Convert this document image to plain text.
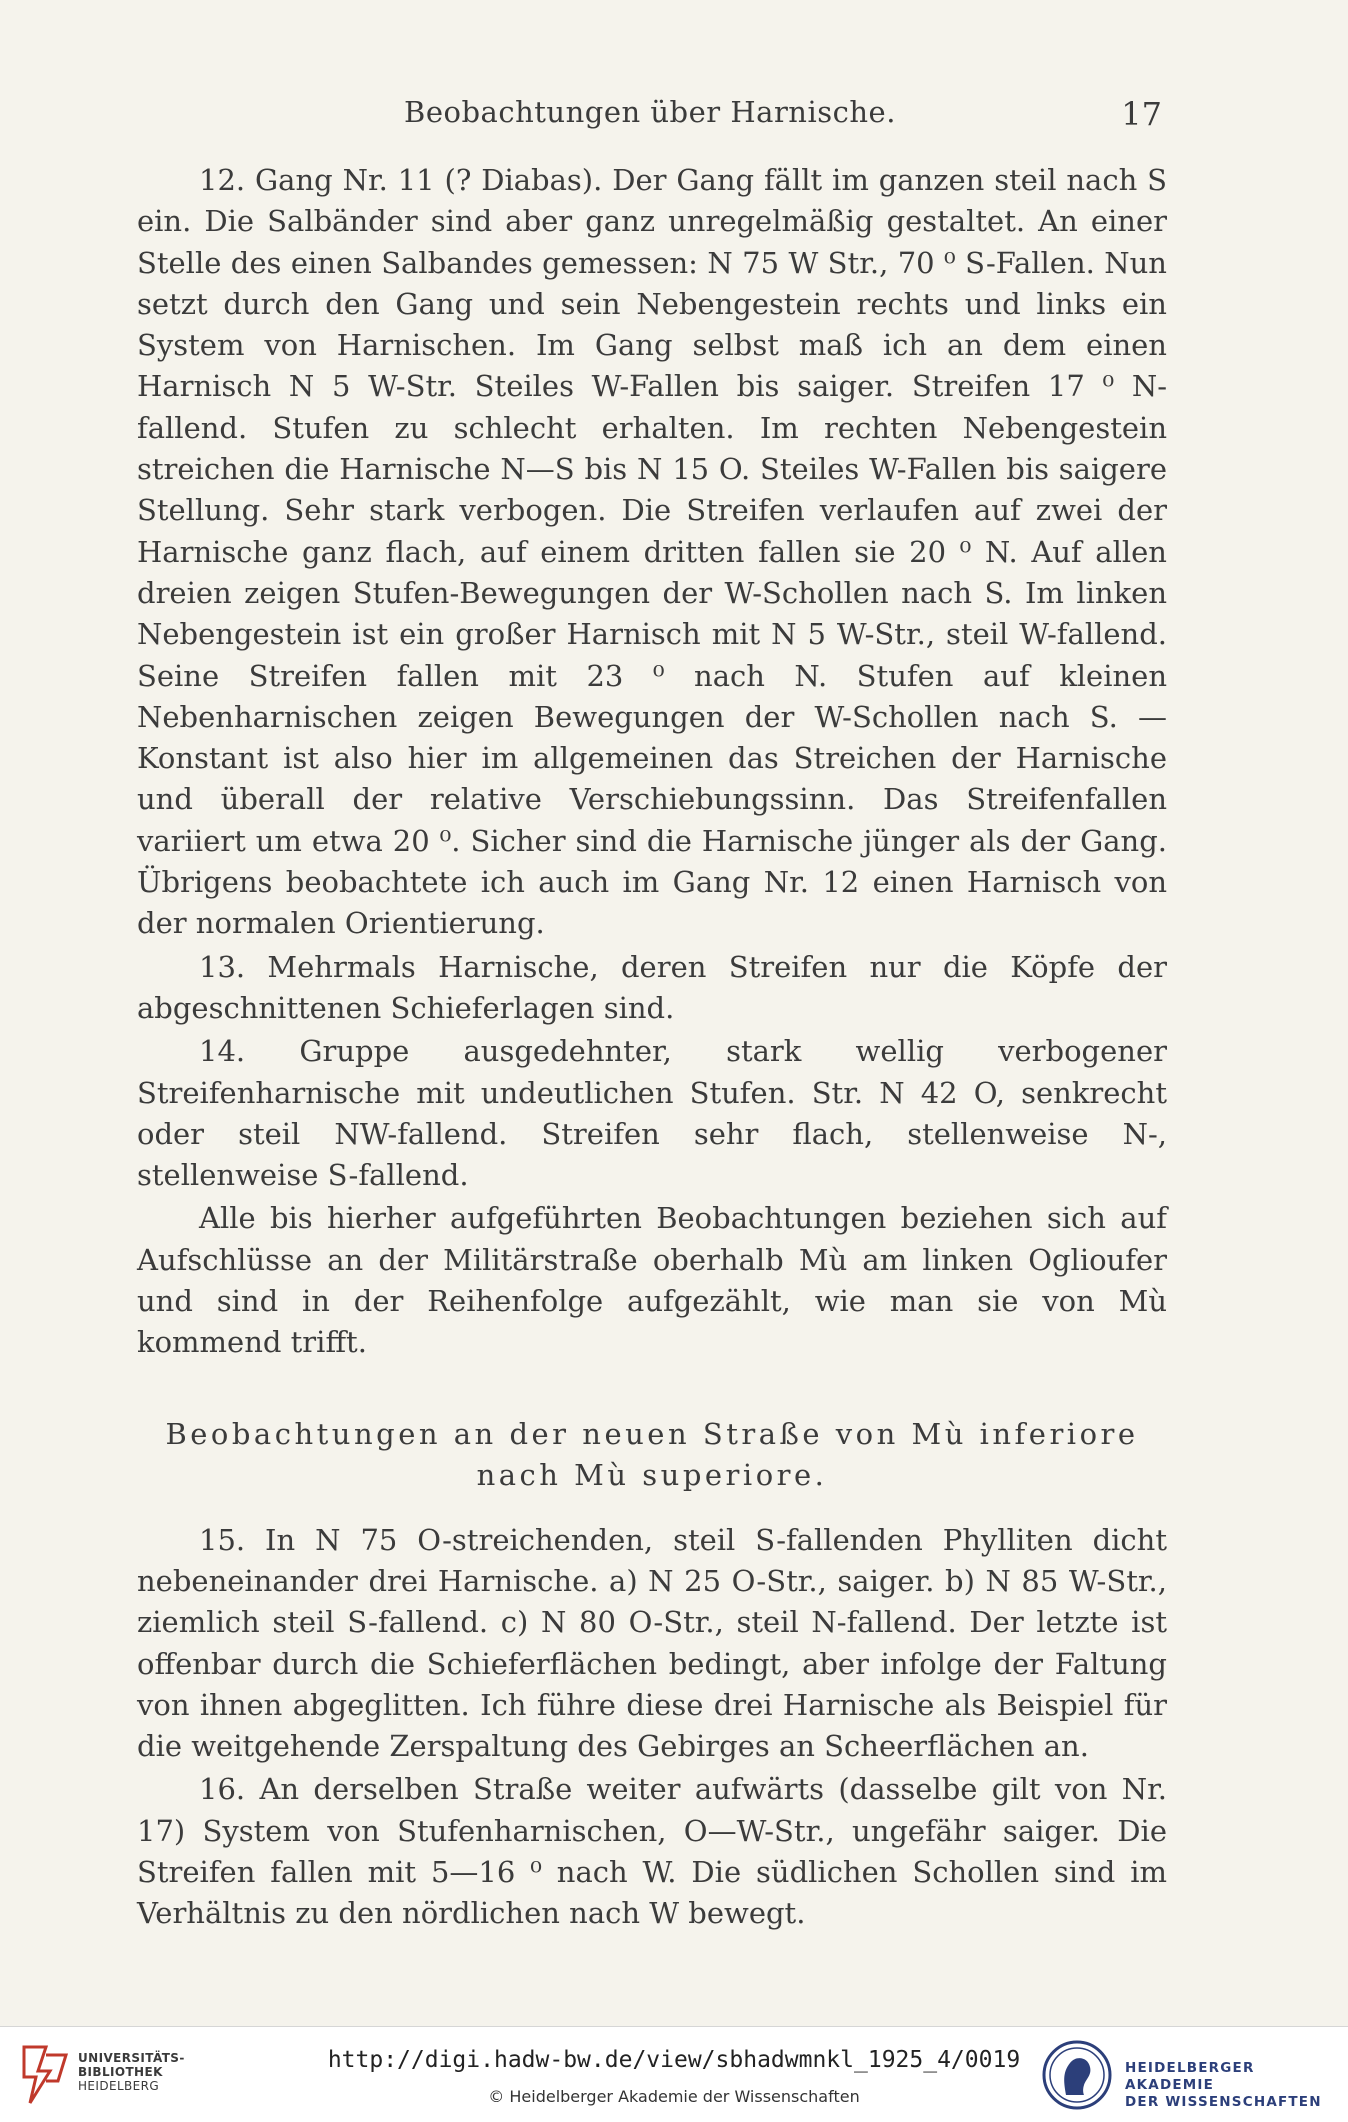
Beobachtungen über Harnische.	17

12. Gang Nr. 11 (? Diabas). Der Gang fällt im ganzen steil nach S ein. Die Salbänder sind aber ganz unregelmäßig gestaltet. An einer Stelle des einen Salbandes gemessen: N 75 W Str., 70 ⁰ S-Fallen. Nun setzt durch den Gang und sein Nebengestein rechts und links ein System von Harnischen. Im Gang selbst maß ich an dem einen Harnisch N 5 W-Str. Steiles W-Fallen bis saiger. Streifen 17 ⁰ N-fallend. Stufen zu schlecht erhalten. Im rechten Nebengestein streichen die Harnische N—S bis N 15 O. Steiles W-Fallen bis saigere Stellung. Sehr stark verbogen. Die Streifen verlaufen auf zwei der Harnische ganz flach, auf einem dritten fallen sie 20 ⁰ N. Auf allen dreien zeigen Stufen-Bewegungen der W-Schollen nach S. Im linken Nebengestein ist ein großer Harnisch mit N 5 W-Str., steil W-fallend. Seine Streifen fallen mit 23 ⁰ nach N. Stufen auf kleinen Nebenharnischen zeigen Bewegungen der W-Schollen nach S. — Konstant ist also hier im allgemeinen das Streichen der Harnische und überall der relative Verschiebungssinn. Das Streifenfallen variiert um etwa 20 ⁰. Sicher sind die Harnische jünger als der Gang. Übrigens beobachtete ich auch im Gang Nr. 12 einen Harnisch von der normalen Orientierung.

13. Mehrmals Harnische, deren Streifen nur die Köpfe der abgeschnittenen Schieferlagen sind.

14. Gruppe ausgedehnter, stark wellig verbogener Streifenharnische mit undeutlichen Stufen. Str. N 42 O, senkrecht oder steil NW-fallend. Streifen sehr flach, stellenweise N-, stellenweise S-fallend.

Alle bis hierher aufgeführten Beobachtungen beziehen sich auf Aufschlüsse an der Militärstraße oberhalb Mù am linken Oglioufer und sind in der Reihenfolge aufgezählt, wie man sie von Mù kommend trifft.

Beobachtungen an der neuen Straße von Mù inferiore
nach Mù superiore.

15. In N 75 O-streichenden, steil S-fallenden Phylliten dicht nebeneinander drei Harnische. a) N 25 O-Str., saiger. b) N 85 W-Str., ziemlich steil S-fallend. c) N 80 O-Str., steil N-fallend. Der letzte ist offenbar durch die Schieferflächen bedingt, aber infolge der Faltung von ihnen abgeglitten. Ich führe diese drei Harnische als Beispiel für die weitgehende Zerspaltung des Gebirges an Scheerflächen an.

16. An derselben Straße weiter aufwärts (dasselbe gilt von Nr. 17) System von Stufenharnischen, O—W-Str., ungefähr saiger. Die Streifen fallen mit 5—16 ⁰ nach W. Die südlichen Schollen sind im Verhältnis zu den nördlichen nach W bewegt.

UNIVERSITÄTS-
BIBLIOTHEK
HEIDELBERG
http://digi.hadw-bw.de/view/sbhadwmnkl_1925_4/0019
© Heidelberger Akademie der Wissenschaften
HEIDELBERGER AKADEMIE
DER WISSENSCHAFTEN
